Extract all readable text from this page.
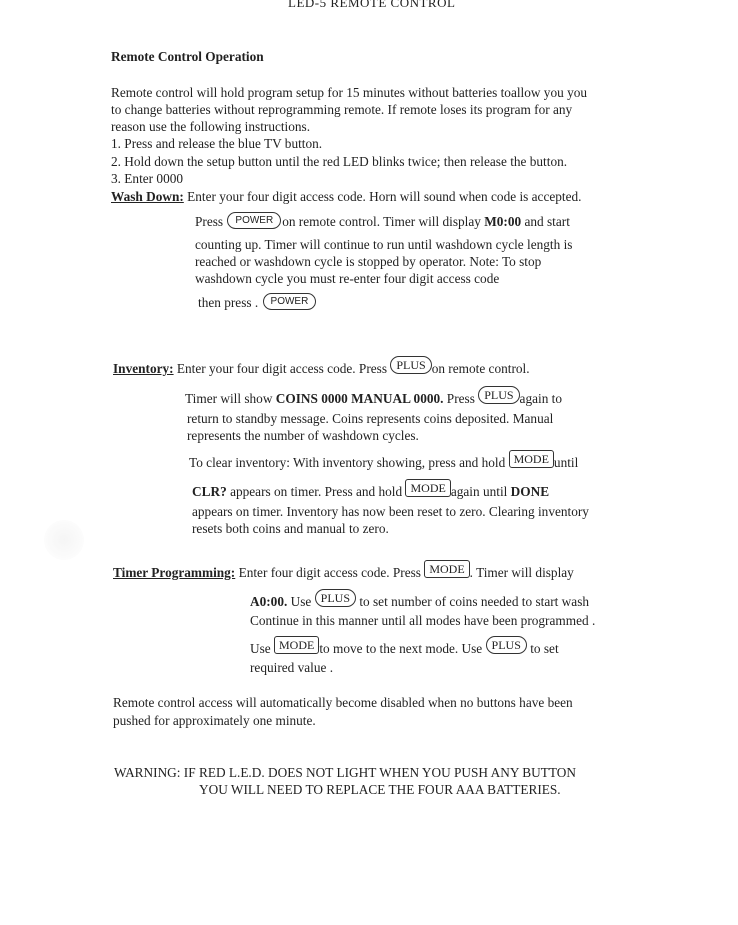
LED-5 REMOTE CONTROL
Remote Control Operation
Remote control will hold program setup for 15 minutes without batteries toallow you you
to change batteries without reprogramming remote. If remote loses its program for any
reason use the following instructions.
1. Press and release the blue TV button.
2. Hold down the setup button until the red LED blinks twice; then release the button.
3. Enter 0000
Wash Down: Enter your four digit access code. Horn will sound when code is accepted.
Press POWER on remote control. Timer will display M0:00 and start
counting up. Timer will continue to run until washdown cycle length is
reached or washdown cycle is stopped by operator. Note: To stop
washdown cycle you must re-enter four digit access code
then press . POWER
Inventory: Enter your four digit access code. Press PLUS on remote control.
Timer will show COINS 0000 MANUAL 0000. Press PLUS again to
return to standby message. Coins represents coins deposited. Manual
represents the number of washdown cycles.
To clear inventory: With inventory showing, press and hold MODE until
CLR? appears on timer. Press and hold MODE again until DONE
appears on timer. Inventory has now been reset to zero. Clearing inventory
resets both coins and manual to zero.
Timer Programming: Enter four digit access code. Press MODE . Timer will display
A0:00. Use PLUS to set number of coins needed to start wash
Continue in this manner until all modes have been programmed .
Use MODE to move to the next mode. Use PLUS to set
required value .
Remote control access will automatically become disabled when no buttons have been
pushed for approximately one minute.
WARNING: IF RED L.E.D. DOES NOT LIGHT WHEN YOU PUSH ANY BUTTON
YOU WILL NEED TO REPLACE THE FOUR AAA BATTERIES.
